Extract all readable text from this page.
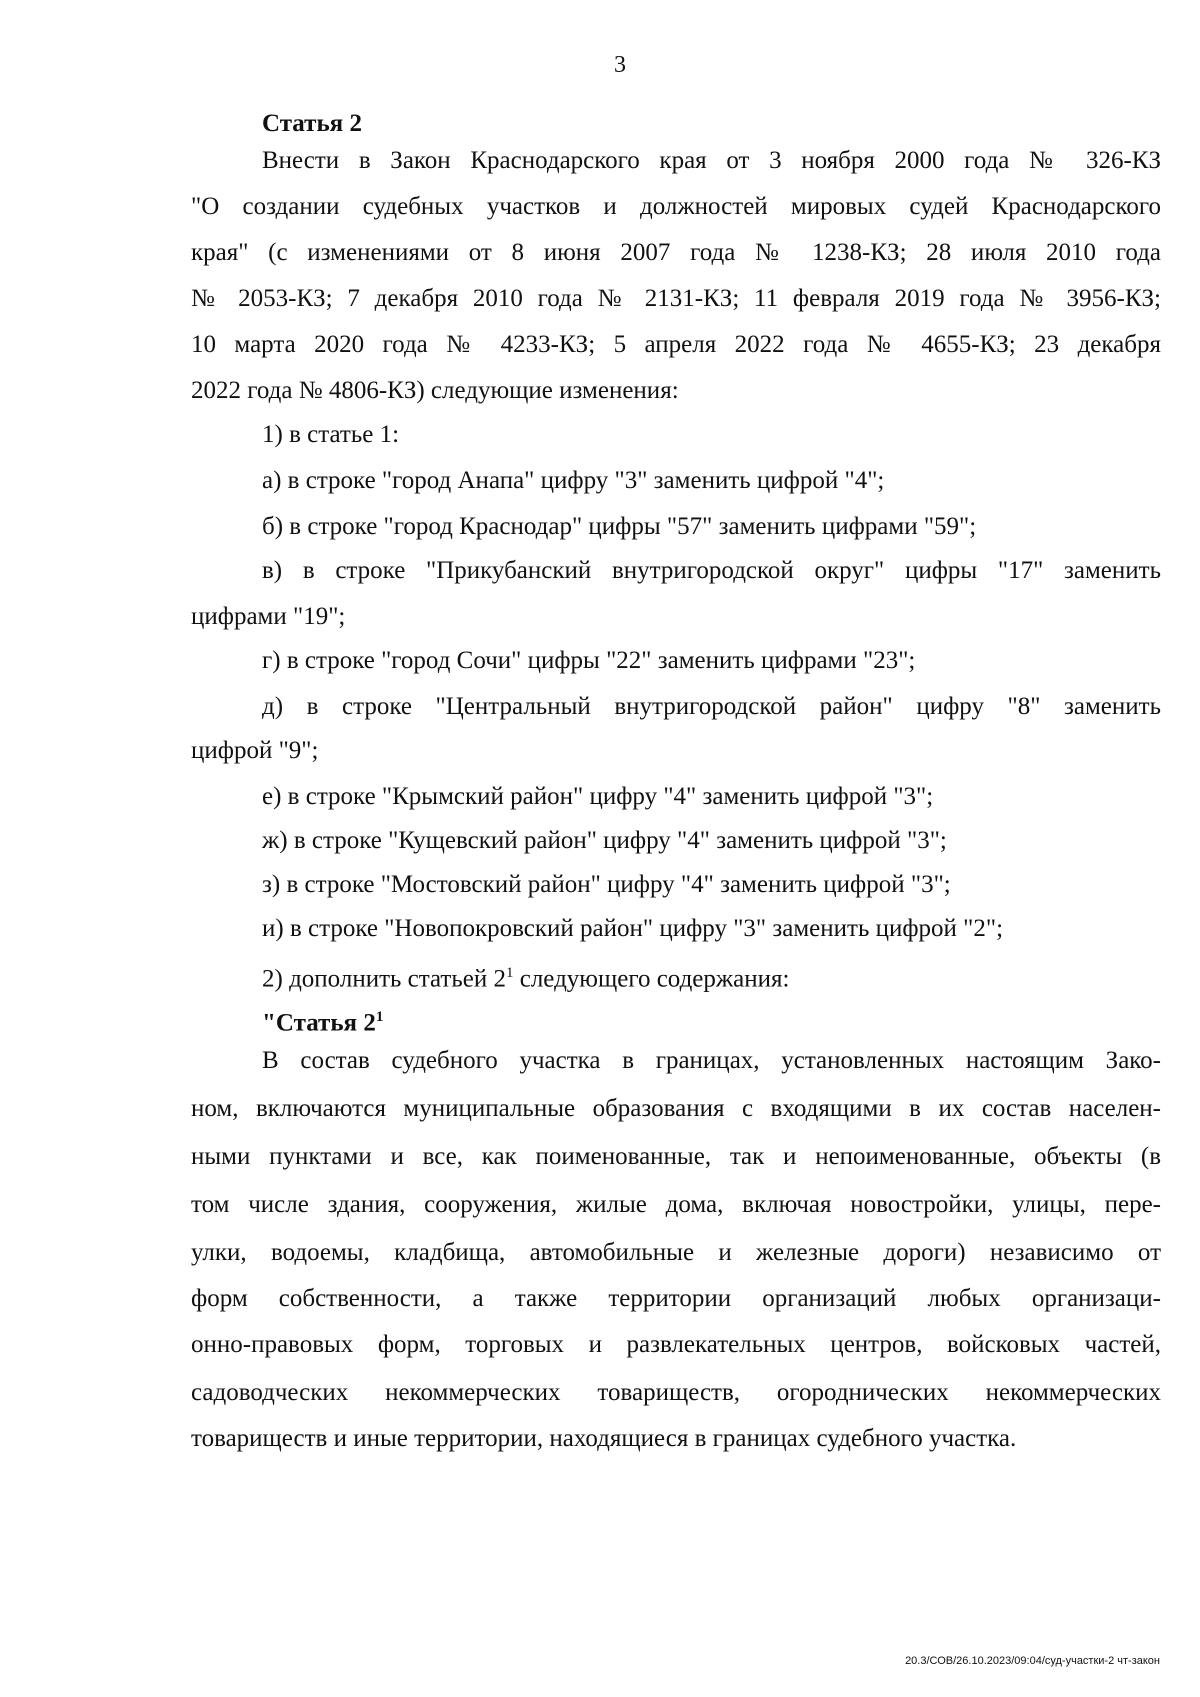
3
Статья 2
Внести в Закон Краснодарского края от 3 ноября 2000 года № 326-КЗ
"О создании судебных участков и должностей мировых судей Краснодарского
края" (с изменениями от 8 июня 2007 года № 1238-КЗ; 28 июля 2010 года
№ 2053-КЗ; 7 декабря 2010 года № 2131-КЗ; 11 февраля 2019 года № 3956-КЗ;
10 марта 2020 года № 4233-КЗ; 5 апреля 2022 года № 4655-КЗ; 23 декабря
2022 года № 4806-КЗ) следующие изменения:
1) в статье 1:
а) в строке "город Анапа" цифру "3" заменить цифрой "4";
б) в строке "город Краснодар" цифры "57" заменить цифрами "59";
в) в строке "Прикубанский внутригородской округ" цифры "17" заменить
цифрами "19";
г) в строке "город Сочи" цифры "22" заменить цифрами "23";
д) в строке "Центральный внутригородской район" цифру "8" заменить
цифрой "9";
е) в строке "Крымский район" цифру "4" заменить цифрой "3";
ж) в строке "Кущевский район" цифру "4" заменить цифрой "3";
з) в строке "Мостовский район" цифру "4" заменить цифрой "3";
и) в строке "Новопокровский район" цифру "3" заменить цифрой "2";
2) дополнить статьей $2^1$ следующего содержания:
"Статья $2^1$
В состав судебного участка в границах, установленных настоящим Зако-
ном, включаются муниципальные образования с входящими в их состав населен-
ными пунктами и все, как поименованные, так и непоименованные, объекты (в
том числе здания, сооружения, жилые дома, включая новостройки, улицы, пере-
улки, водоемы, кладбища, автомобильные и железные дороги) независимо от
форм собственности, а также территории организаций любых организаци-
онно-правовых форм, торговых и развлекательных центров, войсковых частей,
садоводческих некоммерческих товариществ, огороднических некоммерческих
товариществ и иные территории, находящиеся в границах судебного участка.
20.3/СОВ/26.10.2023/09:04/суд-участки-2 чт-закон
